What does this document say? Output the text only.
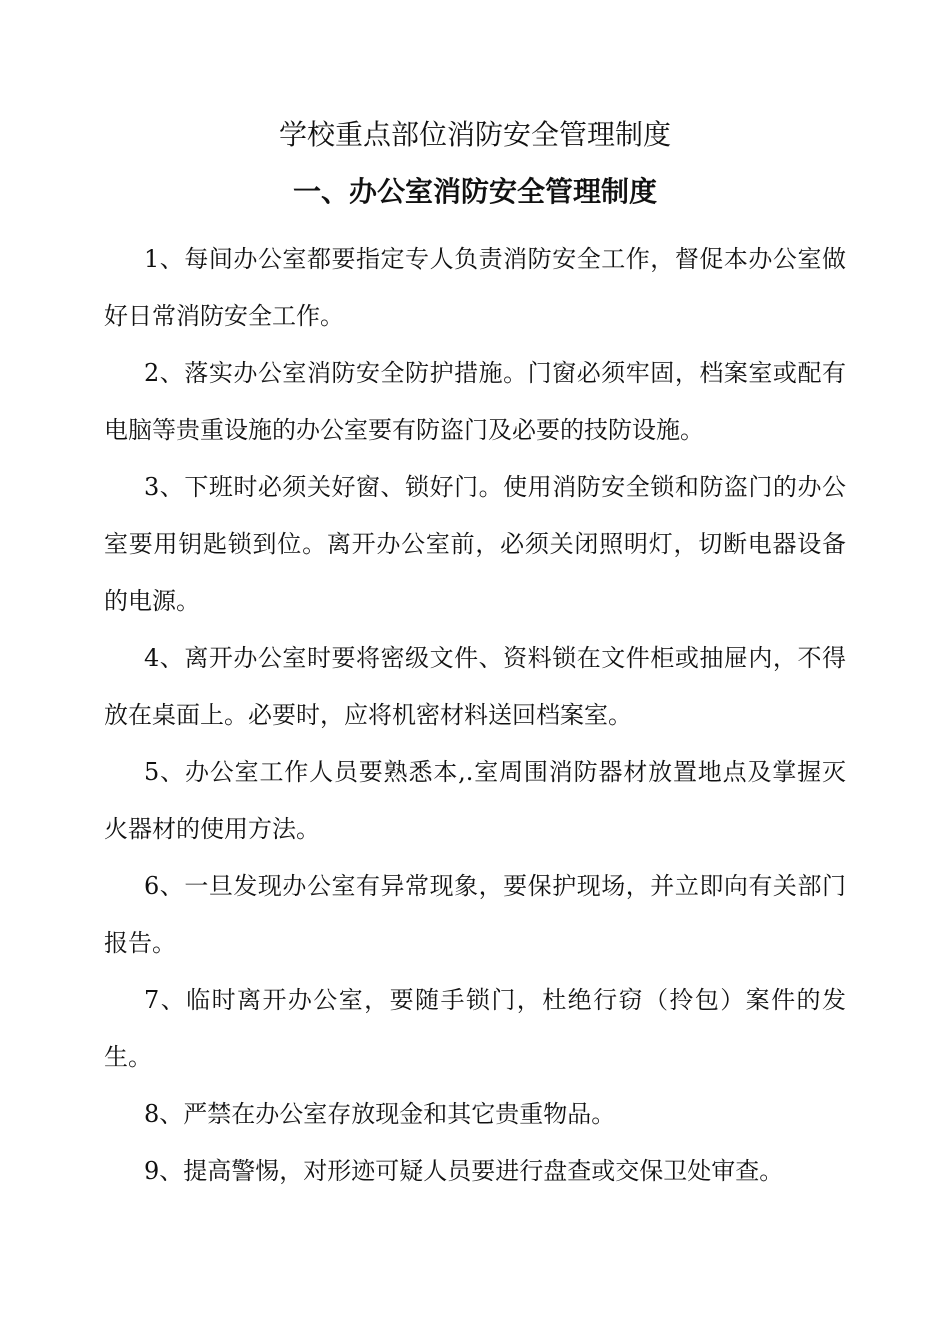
学校重点部位消防安全管理制度
一、办公室消防安全管理制度

1、每间办公室都要指定专人负责消防安全工作，督促本办公室做好日常消防安全工作。

2、落实办公室消防安全防护措施。门窗必须牢固，档案室或配有电脑等贵重设施的办公室要有防盗门及必要的技防设施。

3、下班时必须关好窗、锁好门。使用消防安全锁和防盗门的办公室要用钥匙锁到位。离开办公室前，必须关闭照明灯，切断电器设备的电源。

4、离开办公室时要将密级文件、资料锁在文件柜或抽屉内，不得放在桌面上。必要时，应将机密材料送回档案室。

5、办公室工作人员要熟悉本,.室周围消防器材放置地点及掌握灭火器材的使用方法。

6、一旦发现办公室有异常现象，要保护现场，并立即向有关部门报告。

7、临时离开办公室，要随手锁门，杜绝行窃（拎包）案件的发生。

8、严禁在办公室存放现金和其它贵重物品。

9、提高警惕，对形迹可疑人员要进行盘查或交保卫处审查。
